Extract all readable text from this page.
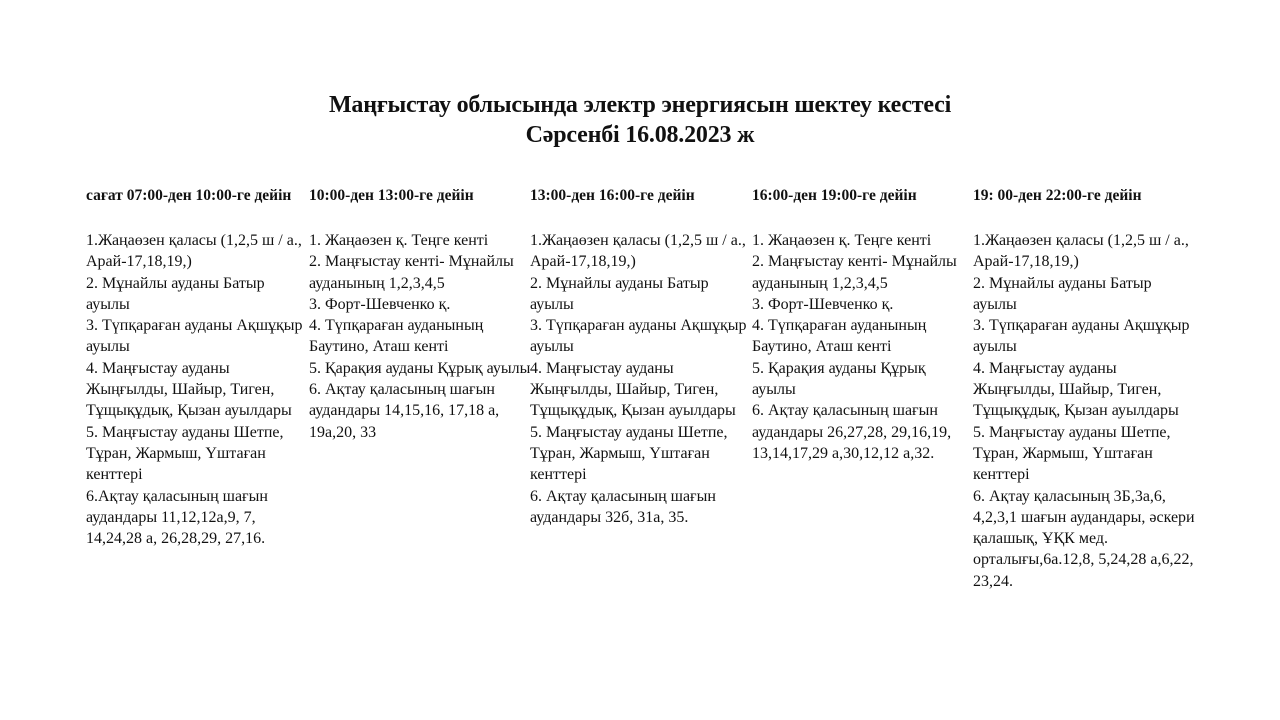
Маңғыстау облысында электр энергиясын шектеу кестесі

Сәрсенбі 16.08.2023 ж

сағат 07:00-ден 10:00-ге дейін

1.Жаңаөзен қаласы (1,2,5 ш / а., Арай-17,18,19,)
2. Мұнайлы ауданы Батыр ауылы
3. Түпқараған ауданы Ақшұқыр ауылы
4. Маңғыстау ауданы Жыңғылды, Шайыр, Тиген, Тұщықұдық, Қызан ауылдары
5. Маңғыстау ауданы Шетпе, Тұран, Жармыш, Үштаған кенттері
6.Ақтау қаласының шағын аудандары 11,12,12а,9, 7, 14,24,28 а, 26,28,29, 27,16.

10:00-ден 13:00-ге дейін

1. Жаңаөзен қ. Теңге кенті
2. Маңғыстау кенті- Мұнайлы ауданының 1,2,3,4,5
3. Форт-Шевченко қ.
4. Түпқараған ауданының Баутино, Аташ кенті
5. Қарақия ауданы Құрық ауылы
6. Ақтау қаласының шағын аудандары 14,15,16, 17,18 а, 19а,20, 33

13:00-ден 16:00-ге дейін

1.Жаңаөзен қаласы (1,2,5 ш / а., Арай-17,18,19,)
2. Мұнайлы ауданы Батыр ауылы
3. Түпқараған ауданы Ақшұқыр ауылы
4. Маңғыстау ауданы Жыңғылды, Шайыр, Тиген, Тұщықұдық, Қызан ауылдары
5. Маңғыстау ауданы Шетпе, Тұран, Жармыш, Үштаған кенттері
6. Ақтау қаласының шағын аудандары 32б, 31а, 35.

16:00-ден 19:00-ге дейін

1. Жаңаөзен қ. Теңге кенті
2. Маңғыстау кенті- Мұнайлы ауданының 1,2,3,4,5
3. Форт-Шевченко қ.
4. Түпқараған ауданының Баутино, Аташ кенті
5. Қарақия ауданы Құрық ауылы
6. Ақтау қаласының шағын аудандары 26,27,28, 29,16,19, 13,14,17,29 а,30,12,12 а,32.

19: 00-ден 22:00-ге дейін

1.Жаңаөзен қаласы (1,2,5 ш / а., Арай-17,18,19,)
2. Мұнайлы ауданы Батыр ауылы
3. Түпқараған ауданы Ақшұқыр ауылы
4. Маңғыстау ауданы Жыңғылды, Шайыр, Тиген, Тұщықұдық, Қызан ауылдары
5. Маңғыстау ауданы Шетпе, Тұран, Жармыш, Үштаған кенттері
6. Ақтау қаласының 3Б,3а,6, 4,2,3,1 шағын аудандары, әскери қалашық, ҰҚК мед. орталығы,6а.12,8, 5,24,28 а,6,22, 23,24.
